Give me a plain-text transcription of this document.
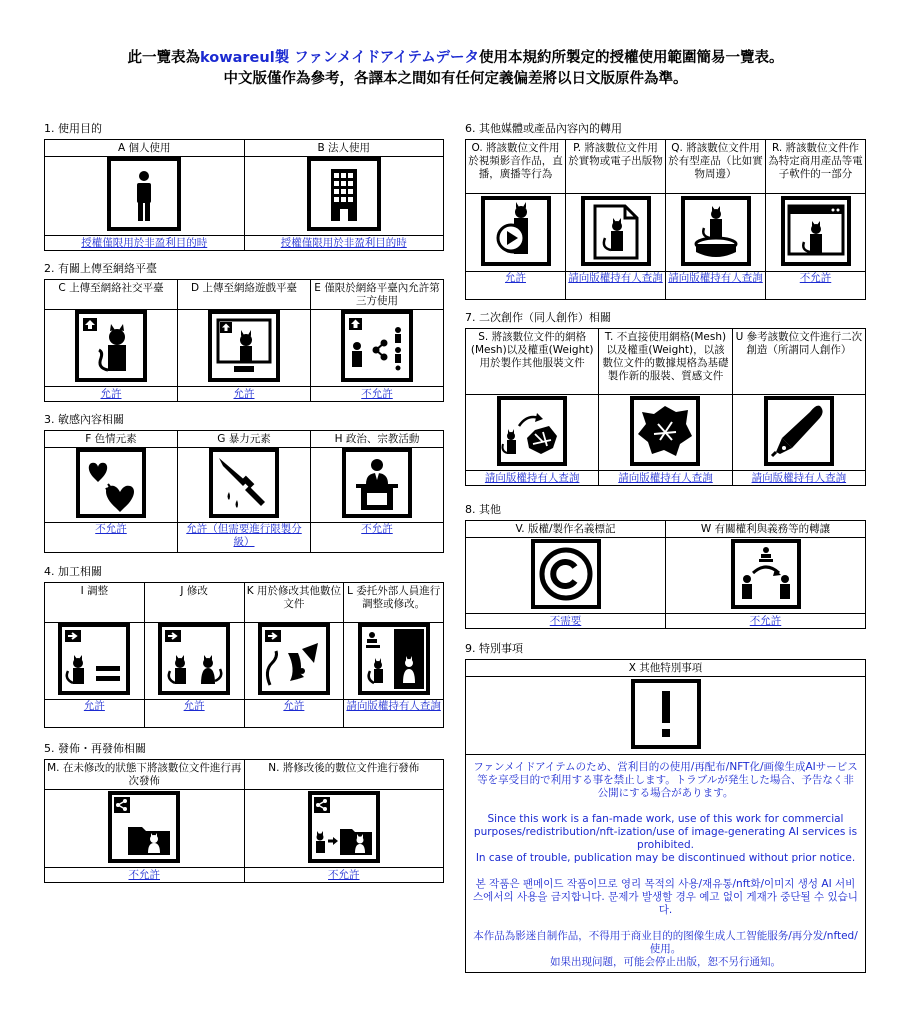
此一覽表為kowareul製 ファンメイドアイテムデータ使用本規約所製定的授權使用範圍簡易一覽表。
中文版僅作為參考，各譯本之間如有任何定義偏差將以日文版原件為準。
1. 使用目的
A 個人使用	B 法人使用

授權僅限用於非盈利目的時	授權僅限用於非盈利目的時
2. 有關上傳至網絡平臺
C 上傳至網絡社交平臺	D 上傳至網絡遊戲平臺	E 僅限於網絡平臺內允許第三方使用

允許	允許	不允許
3. 敏感內容相關
F 色情元素	G 暴力元素	H 政治、宗教活動

不允許	允許（但需要進行限製分級）	不允許
4. 加工相關
I 調整	J 修改	K 用於修改其他數位文件	L 委托外部人員進行調整或修改。

允許	允許	允許	請向版權持有人查詢
5. 發佈・再發佈相關
M. 在未修改的狀態下將該數位文件進行再次發佈	N. 將修改後的數位文件進行發佈

不允許	不允許
6. 其他媒體或產品內容內的轉用
O. 將該數位文件用於視頻影音作品，直播，廣播等行為	P. 將該數位文件用於實物或電子出版物	Q. 將該數位文件用於有型產品（比如實物周邊）	R. 將該數位文件作為特定商用產品等電子軟件的一部分

允許	請向版權持有人查詢	請向版權持有人查詢	不允許
7. 二次創作（同人創作）相關
S. 將該數位文件的網格(Mesh)以及權重(Weight)用於製作其他服裝文件	T. 不直接使用網格(Mesh)以及權重(Weight)，以該數位文件的數據規格為基礎製作新的服裝、質感文件	U 參考該數位文件進行二次創造（所謂同人創作）

請向版權持有人查詢	請向版權持有人查詢	請向版權持有人查詢
8. 其他
V. 版權/製作名義標記	W 有關權利與義務等的轉讓

不需要	不允許
9. 特別事項
X 其他特別事項

ファンメイドアイテムのため、営利目的の使用/再配布/NFT化/画像生成AIサービス等を享受目的で利用する事を禁止します。トラブルが発生した場合、予告なく非公開にする場合があります。

Since this work is a fan-made work, use of this work for commercial purposes/redistribution/nft-ization/use of image-generating AI services is prohibited.
In case of trouble, publication may be discontinued without prior notice.

본 작품은 팬메이드 작품이므로 영리 목적의 사용/재유통/nft화/이미지 생성 AI 서비스에서의 사용을 금지합니다. 문제가 발생할 경우 예고 없이 게재가 중단될 수 있습니다.

本作品為影迷自制作品，不得用于商业目的的图像生成人工智能服务/再分发/nfted/使用。
如果出现问题，可能会停止出版，恕不另行通知。
